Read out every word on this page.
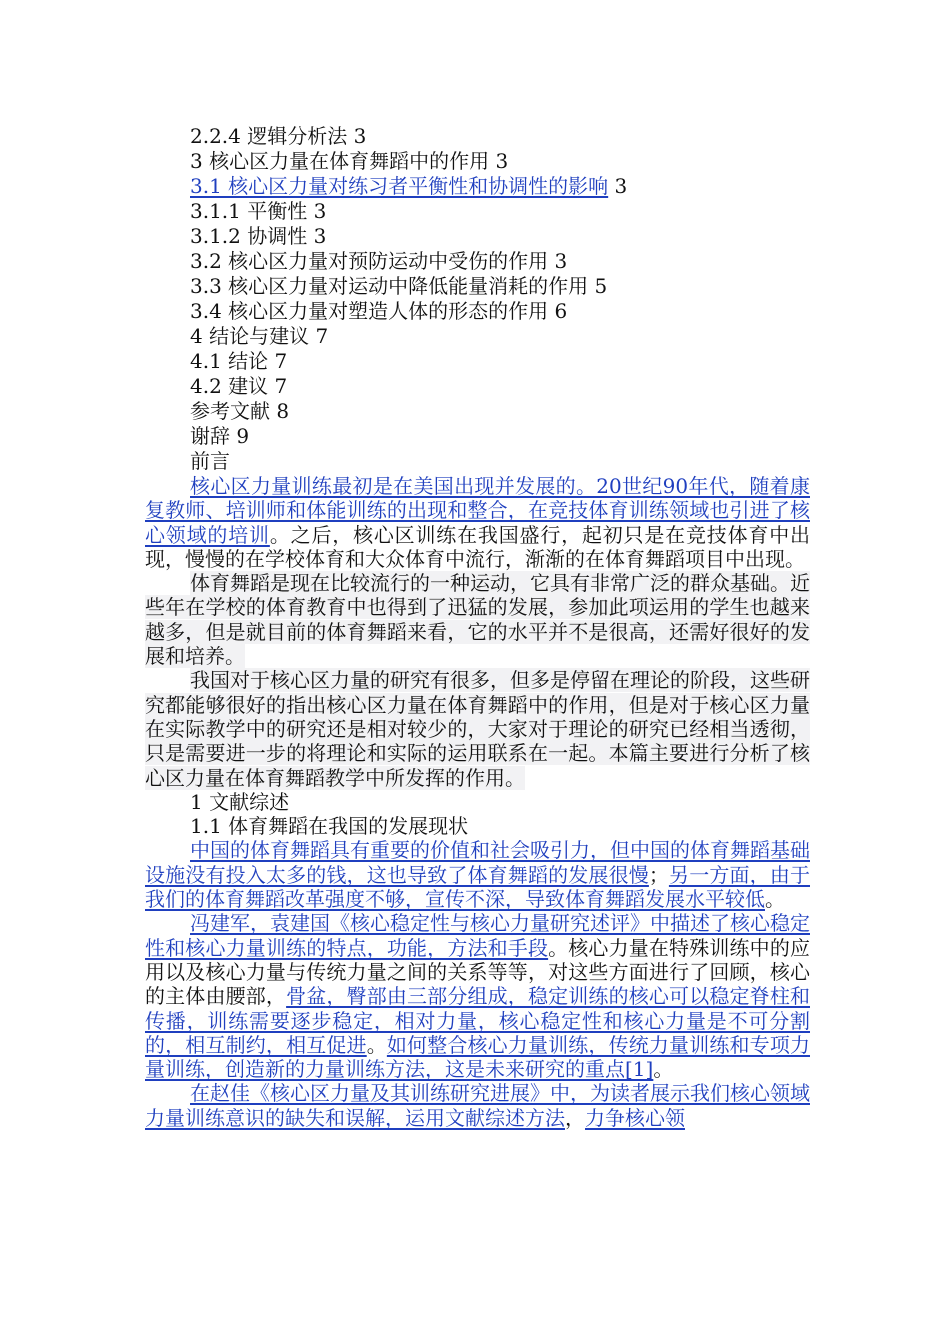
2.2.4 逻辑分析法 3
3 核心区力量在体育舞蹈中的作用 3
3.1 核心区力量对练习者平衡性和协调性的影响 3
3.1.1 平衡性 3
3.1.2 协调性 3
3.2 核心区力量对预防运动中受伤的作用 3
3.3 核心区力量对运动中降低能量消耗的作用 5
3.4 核心区力量对塑造人体的形态的作用 6
4 结论与建议 7
4.1 结论 7
4.2 建议 7
参考文献 8
谢辞 9
前言

核心区力量训练最初是在美国出现并发展的。20世纪90年代，随着康复教师、培训师和体能训练的出现和整合，在竞技体育训练领域也引进了核心领域的培训。之后，核心区训练在我国盛行，起初只是在竞技体育中出现，慢慢的在学校体育和大众体育中流行，渐渐的在体育舞蹈项目中出现。

体育舞蹈是现在比较流行的一种运动，它具有非常广泛的群众基础。近些年在学校的体育教育中也得到了迅猛的发展，参加此项运用的学生也越来越多，但是就目前的体育舞蹈来看，它的水平并不是很高，还需好很好的发展和培养。

我国对于核心区力量的研究有很多，但多是停留在理论的阶段，这些研究都能够很好的指出核心区力量在体育舞蹈中的作用，但是对于核心区力量在实际教学中的研究还是相对较少的，大家对于理论的研究已经相当透彻，只是需要进一步的将理论和实际的运用联系在一起。本篇主要进行分析了核心区力量在体育舞蹈教学中所发挥的作用。

1 文献综述

1.1 体育舞蹈在我国的发展现状

中国的体育舞蹈具有重要的价值和社会吸引力，但中国的体育舞蹈基础设施没有投入太多的钱，这也导致了体育舞蹈的发展很慢；另一方面，由于我们的体育舞蹈改革强度不够，宣传不深，导致体育舞蹈发展水平较低。

冯建军，袁建国《核心稳定性与核心力量研究述评》中描述了核心稳定性和核心力量训练的特点，功能，方法和手段。核心力量在特殊训练中的应用以及核心力量与传统力量之间的关系等等，对这些方面进行了回顾，核心的主体由腰部，骨盆，臀部由三部分组成，稳定训练的核心可以稳定脊柱和传播，训练需要逐步稳定，相对力量，核心稳定性和核心力量是不可分割的，相互制约，相互促进。如何整合核心力量训练，传统力量训练和专项力量训练，创造新的力量训练方法，这是未来研究的重点[1]。

在赵佳《核心区力量及其训练研究进展》中，为读者展示我们核心领域力量训练意识的缺失和误解，运用文献综述方法，力争核心领
